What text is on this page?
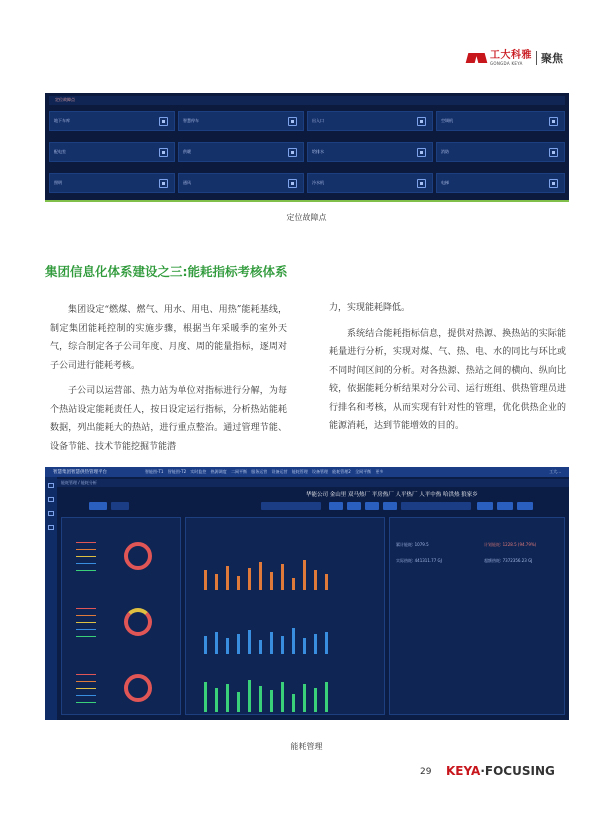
工大科雅
GONGDA KEYA	聚焦
定位故障点
地下车库	智慧停车	出入口	空调机
配电室	供暖	给排水	消防
照明	通风	冷水机	电梯
定位故障点
集团信息化体系建设之三:能耗指标考核体系

集团设定“燃煤、燃气、用水、用电、用热”能耗基线，制定集团能耗控制的实施步骤，根据当年采暖季的室外天气，综合制定各子公司年度、月度、周的能量指标，逐周对子公司进行能耗考核。

子公司以运营部、热力站为单位对指标进行分解，为每个热站设定能耗责任人，按日设定运行指标，分析热站能耗数据，列出能耗大的热站，进行重点整治。通过管理节能、设备节能、技术节能挖掘节能潜

力，实现能耗降低。

系统结合能耗指标信息，提供对热源、换热站的实际能耗量进行分析，实现对煤、气、热、电、水的同比与环比或不同时间区间的分析。对各热源、热站之间的横向、纵向比较，依据能耗分析结果对分公司、运行班组、供热管理员进行排名和考核，从而实现有针对性的管理，优化供热企业的能源消耗，达到节能增效的目的。

智慧集团智慧供热管理平台	智能图-T1 智能图-T2 实时监控 热源调度 二网平衡 服务运营 设备运营 能耗管理 设备管理 能耗管理2 全网平衡 更多	工大...
能耗管理 / 能耗分析
华能公司 金山里 双马热厂 平房热厂 人平热厂 人平中热 哈洪热 狼家乡
累计能耗: 1079.5	计划能耗: 1228.5 (94.79%)
实际热耗: 441311.77 GJ	超额热耗: 7372356.23 GJ
能耗管理
29 KEYA·FOCUSING
